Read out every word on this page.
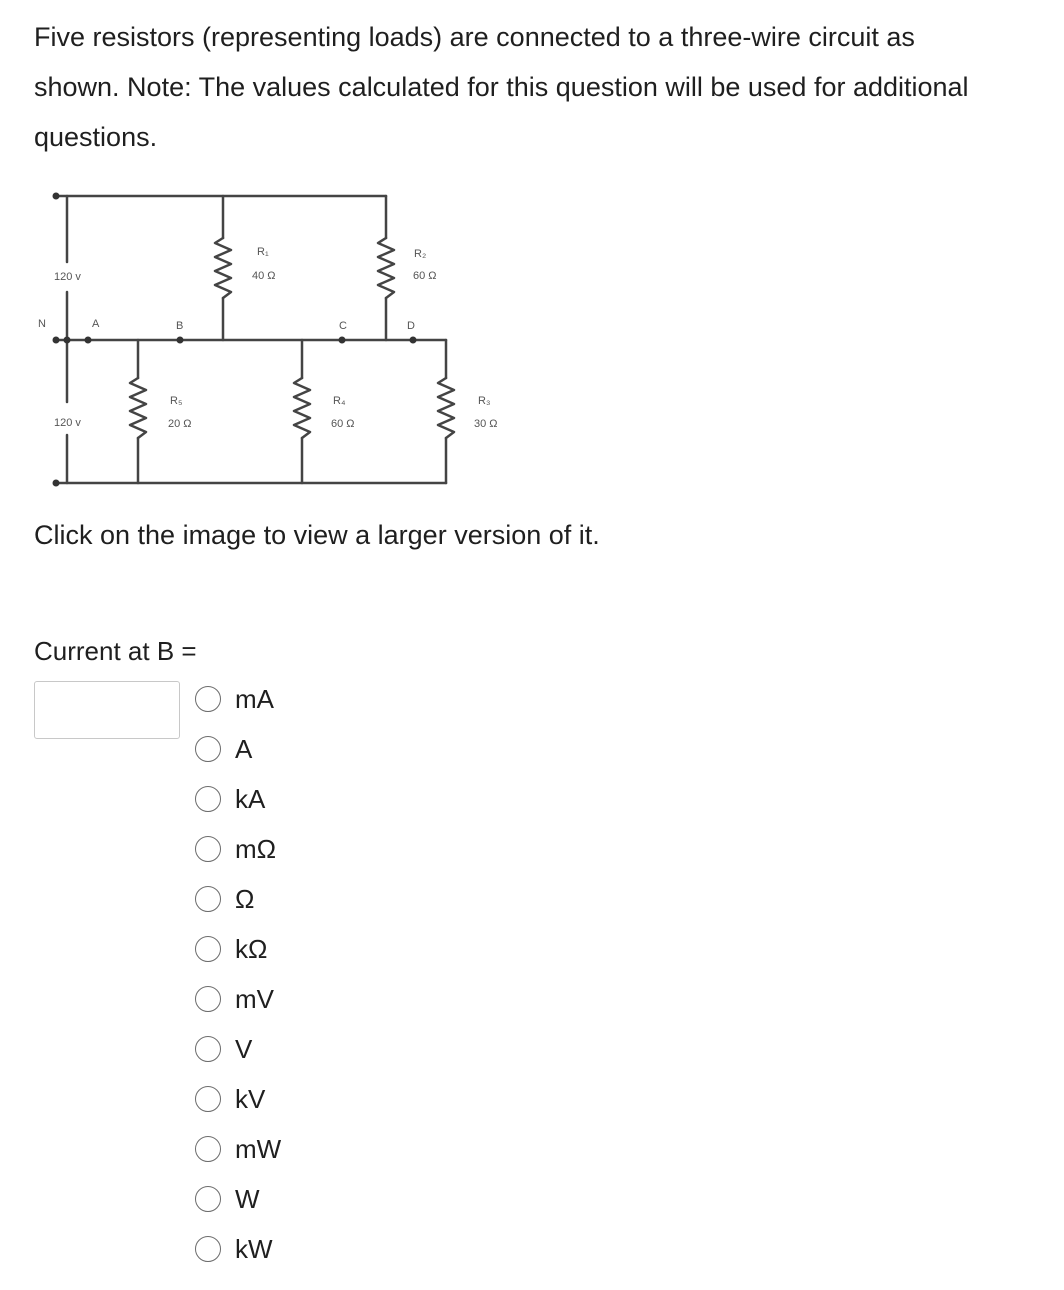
Five resistors (representing loads) are connected to a three-wire circuit as shown. Note: The values calculated for this question will be used for additional questions.

120 v
120 v
N	A	B	C	D
R₁
40 Ω
R₂
60 Ω
R₅
20 Ω
R₄
60 Ω
R₃
30 Ω

Click on the image to view a larger version of it.

Current at B =

mA
A
kA
mΩ
Ω
kΩ
mV
V
kV
mW
W
kW
